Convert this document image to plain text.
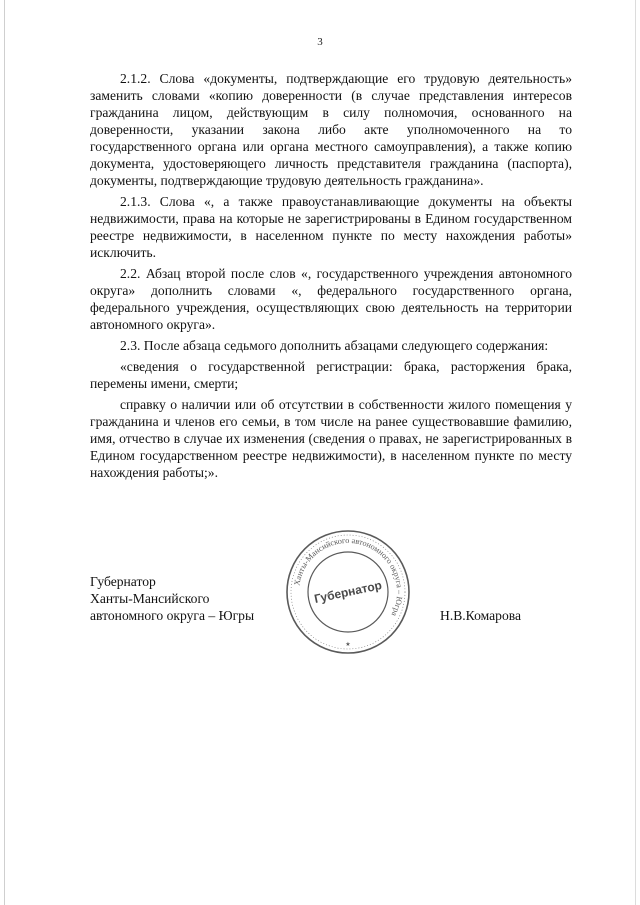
3

2.1.2. Слова «документы, подтверждающие его трудовую деятельность» заменить словами «копию доверенности (в случае представления интересов гражданина лицом, действующим в силу полномочия, основанного на доверенности, указании закона либо акте уполномоченного на то государственного органа или органа местного самоуправления), а также копию документа, удостоверяющего личность представителя гражданина (паспорта), документы, подтверждающие трудовую деятельность гражданина».

2.1.3. Слова «, а также правоустанавливающие документы на объекты недвижимости, права на которые не зарегистрированы в Едином государственном реестре недвижимости, в населенном пункте по месту нахождения работы» исключить.

2.2. Абзац второй после слов «, государственного учреждения автономного округа» дополнить словами «, федерального государственного органа, федерального учреждения, осуществляющих свою деятельность на территории автономного округа».

2.3. После абзаца седьмого дополнить абзацами следующего содержания:

«сведения о государственной регистрации: брака, расторжения брака, перемены имени, смерти;

справку о наличии или об отсутствии в собственности жилого помещения у гражданина и членов его семьи, в том числе на ранее существовавшие фамилию, имя, отчество в случае их изменения (сведения о правах, не зарегистрированных в Едином государственном реестре недвижимости), в населенном пункте по месту нахождения работы;».

Губернатор
Ханты-Мансийского
автономного округа – Югры
Ханты-Мансийского автономного округа – Югра
Губернатор
★
Н.В.Комарова
